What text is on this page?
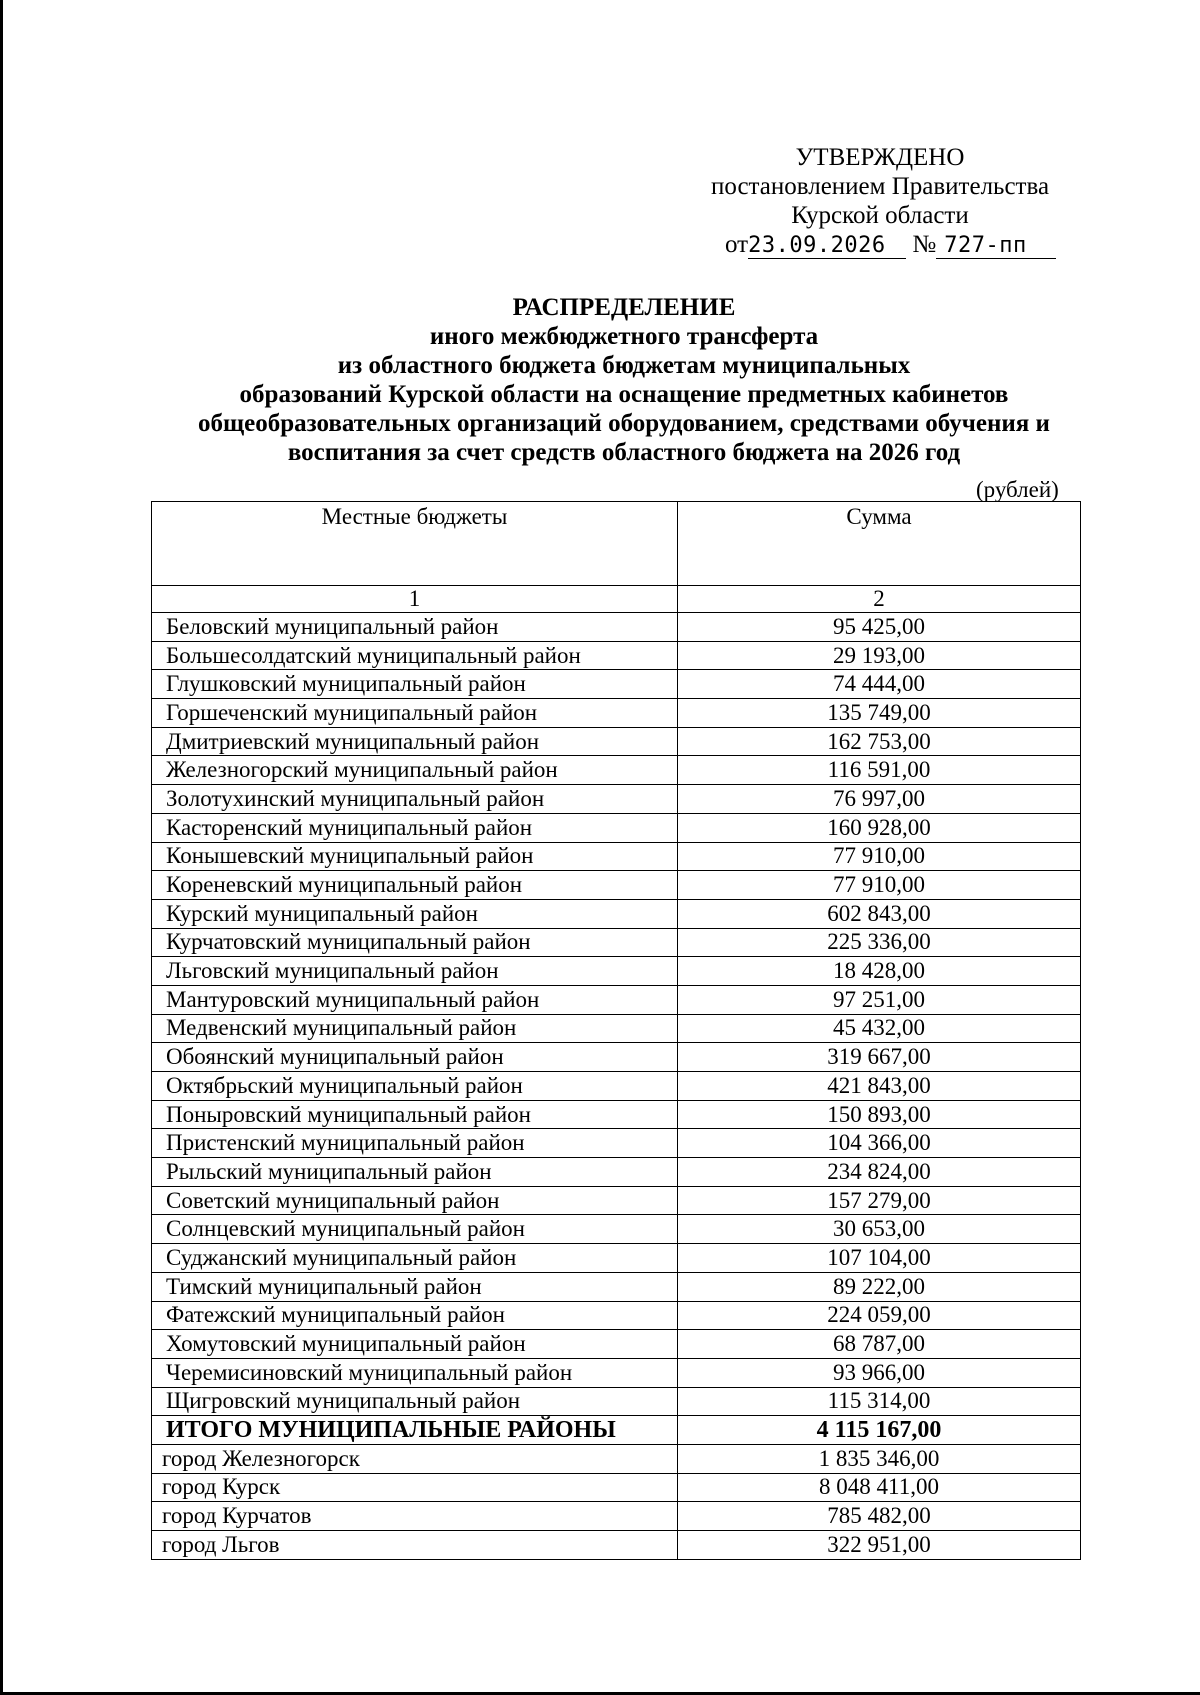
УТВЕРЖДЕНО
постановлением Правительства
Курской области
от23.09.2026 № 727-пп
РАСПРЕДЕЛЕНИЕ
иного межбюджетного трансферта
из областного бюджета бюджетам муниципальных
образований Курской области на оснащение предметных кабинетов
общеобразовательных организаций оборудованием, средствами обучения и
воспитания за счет средств областного бюджета на 2026 год
(рублей)
Местные бюджеты	Сумма
1	2
Беловский муниципальный район	95 425,00
Большесолдатский муниципальный район	29 193,00
Глушковский муниципальный район	74 444,00
Горшеченский муниципальный район	135 749,00
Дмитриевский муниципальный район	162 753,00
Железногорский муниципальный район	116 591,00
Золотухинский муниципальный район	76 997,00
Касторенский муниципальный район	160 928,00
Конышевский муниципальный район	77 910,00
Кореневский муниципальный район	77 910,00
Курский муниципальный район	602 843,00
Курчатовский муниципальный район	225 336,00
Льговский муниципальный район	18 428,00
Мантуровский муниципальный район	97 251,00
Медвенский муниципальный район	45 432,00
Обоянский муниципальный район	319 667,00
Октябрьский муниципальный район	421 843,00
Поныровский муниципальный район	150 893,00
Пристенский муниципальный район	104 366,00
Рыльский муниципальный район	234 824,00
Советский муниципальный район	157 279,00
Солнцевский муниципальный район	30 653,00
Суджанский муниципальный район	107 104,00
Тимский муниципальный район	89 222,00
Фатежский муниципальный район	224 059,00
Хомутовский муниципальный район	68 787,00
Черемисиновский муниципальный район	93 966,00
Щигровский муниципальный район	115 314,00
ИТОГО МУНИЦИПАЛЬНЫЕ РАЙОНЫ	4 115 167,00
город Железногорск	1 835 346,00
город Курск	8 048 411,00
город Курчатов	785 482,00
город Льгов	322 951,00
